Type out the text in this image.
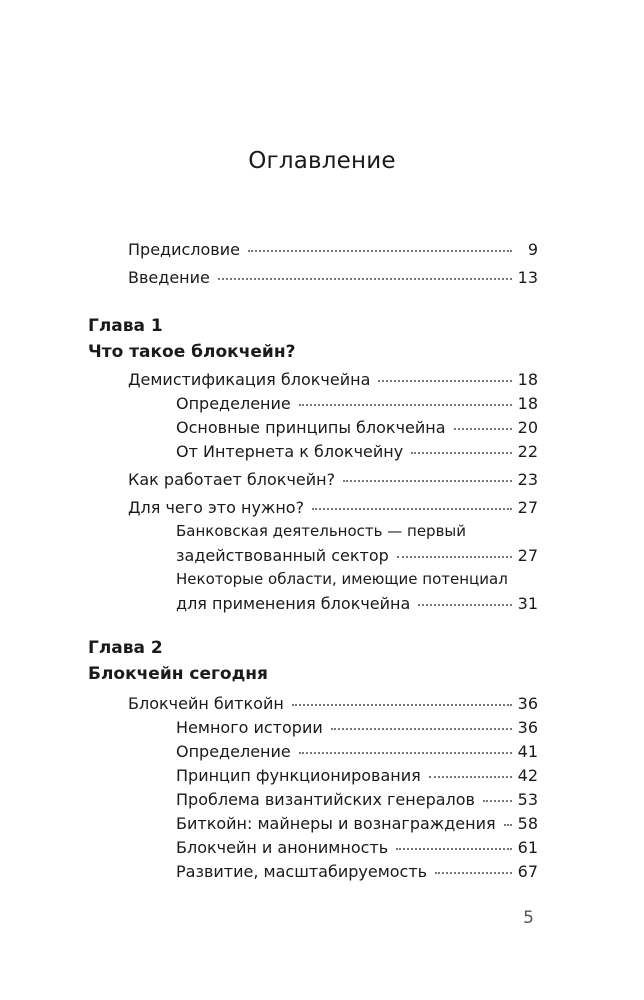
Оглавление
Предисловие	9
Введение	13
Глава 1
Что такое блокчейн?
Демистификация блокчейна	18
Определение	18
Основные принципы блокчейна	20
От Интернета к блокчейну	22
Как работает блокчейн?	23
Для чего это нужно?	27
Банковская деятельность — первый
задействованный сектор	27
Некоторые области, имеющие потенциал
для применения блокчейна	31
Глава 2
Блокчейн сегодня
Блокчейн биткойн	36
Немного истории	36
Определение	41
Принцип функционирования	42
Проблема византийских генералов	53
Биткойн: майнеры и вознаграждения 58
Блокчейн и анонимность	61
Развитие, масштабируемость	67
5
